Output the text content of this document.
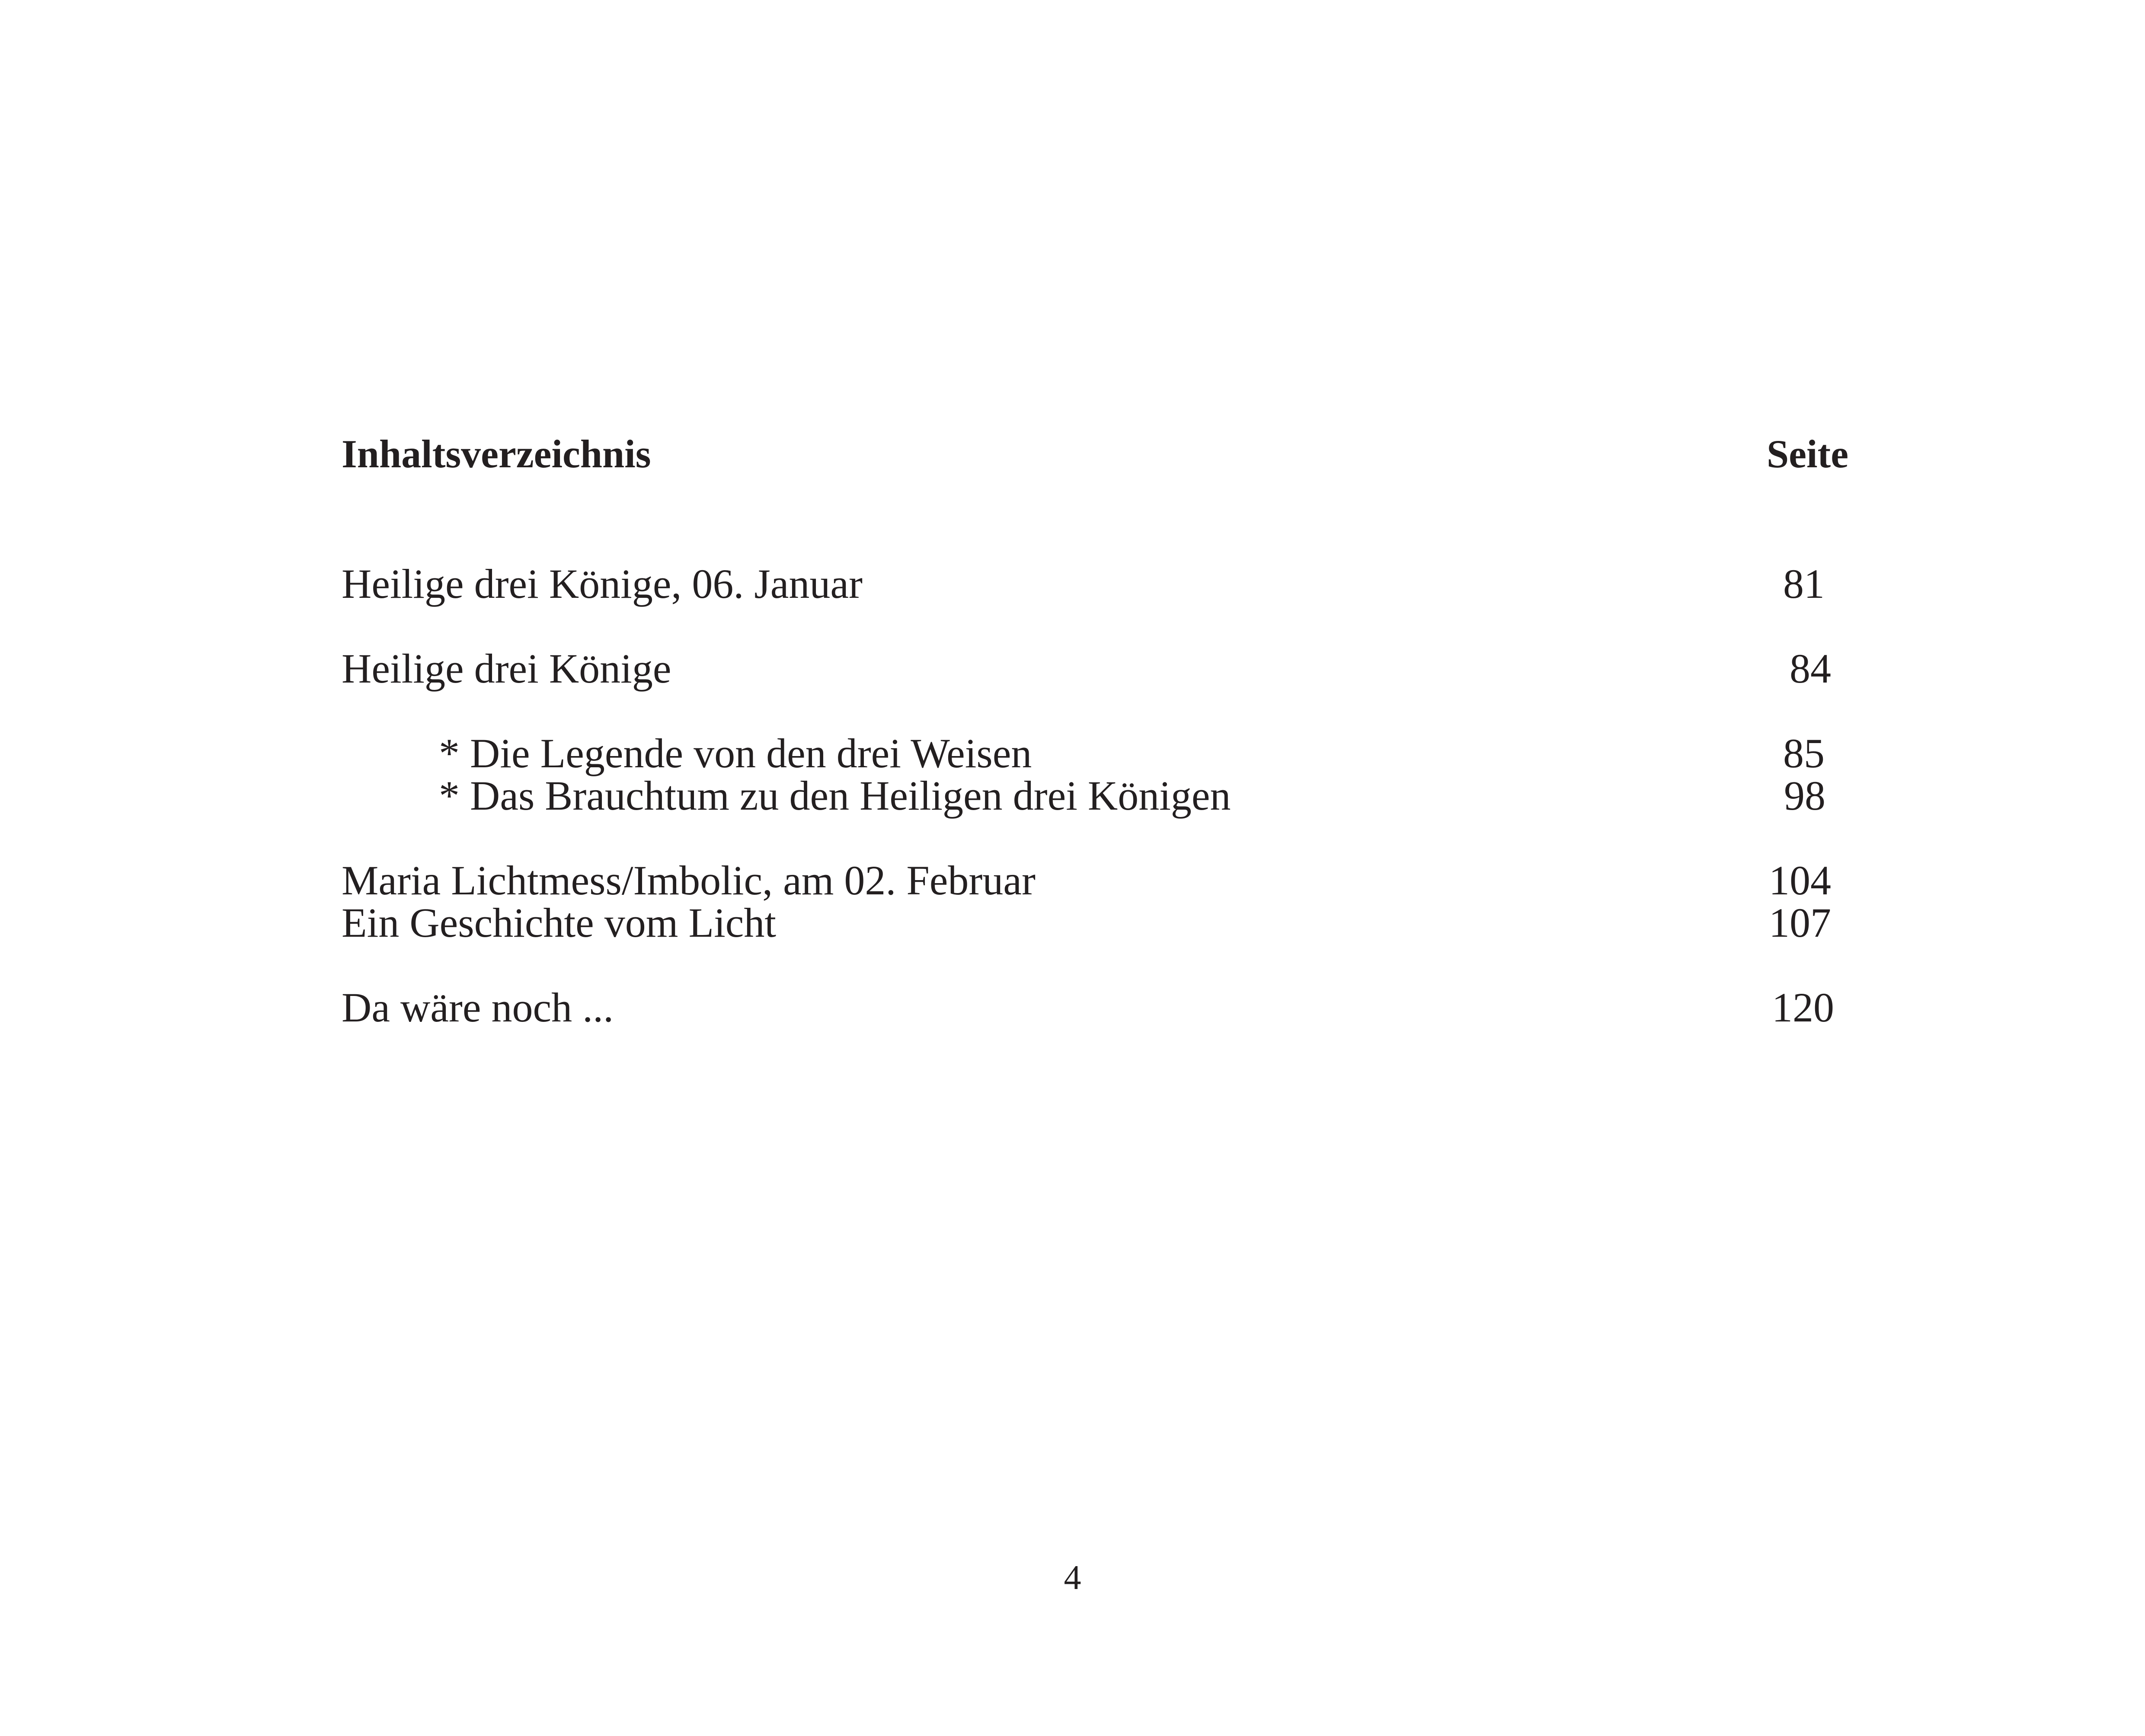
Inhaltsverzeichnis	Seite
Heilige drei Könige, 06. Januar	81
Heilige drei Könige	84
* Die Legende von den drei Weisen	85
* Das Brauchtum zu den Heiligen drei Königen	98
Maria Lichtmess/Imbolic, am 02. Februar	104
Ein Geschichte vom Licht	107
Da wäre noch ...	120
4
